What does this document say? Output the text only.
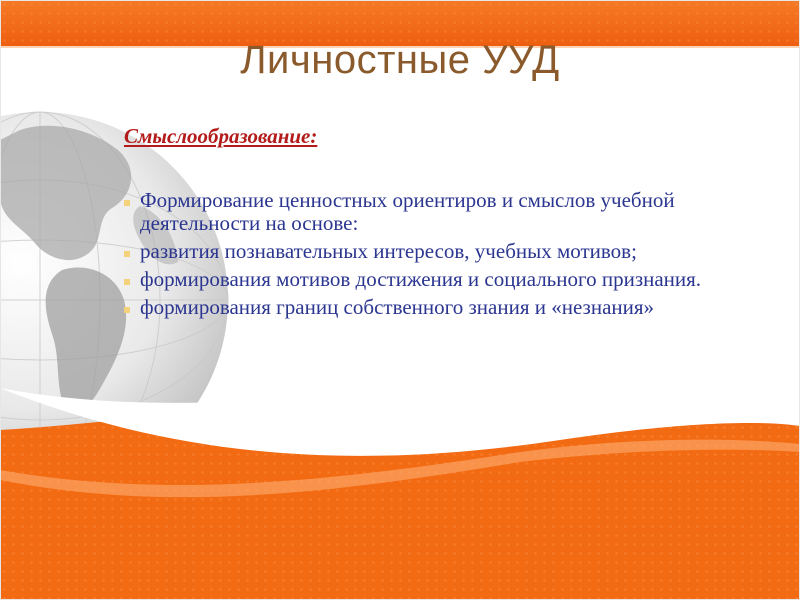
Личностные УУД

Смыслообразование:

Формирование ценностных ориентиров и смыслов учебной деятельности на основе:
развития познавательных интересов, учебных мотивов;
формирования мотивов достижения и социального признания.
формирования границ собственного знания и «незнания»
